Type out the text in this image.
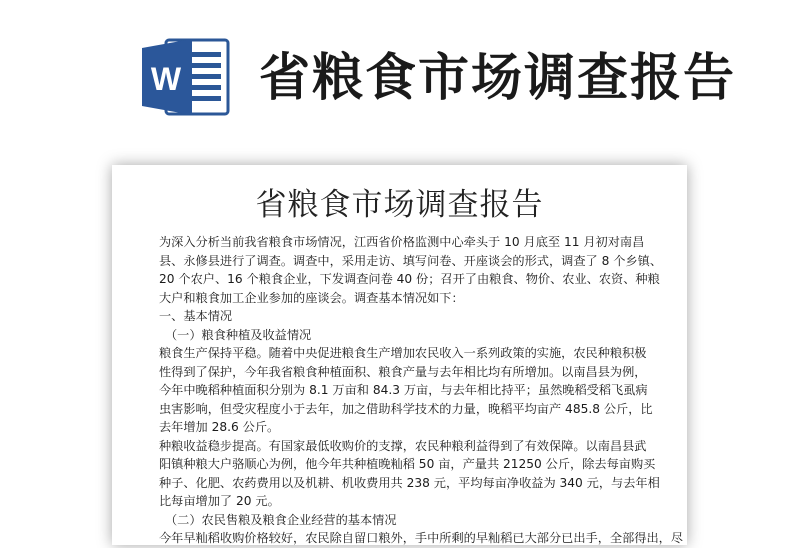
W 省粮食市场调查报告
省粮食市场调查报告

为深入分析当前我省粮食市场情况，江西省价格监测中心牵头于 10 月底至 11 月初对南昌

县、永修县进行了调查。调查中，采用走访、填写问卷、开座谈会的形式，调查了 8 个乡镇、

20 个农户、16 个粮食企业，下发调查问卷 40 份；召开了由粮食、物价、农业、农资、种粮

大户和粮食加工企业参加的座谈会。调查基本情况如下：

一、基本情况

（一）粮食种植及收益情况

粮食生产保持平稳。随着中央促进粮食生产增加农民收入一系列政策的实施，农民种粮积极

性得到了保护，今年我省粮食种植面积、粮食产量与去年相比均有所增加。以南昌县为例，

今年中晚稻种植面积分别为 8.1 万亩和 84.3 万亩，与去年相比持平；虽然晚稻受稻飞虱病

虫害影响，但受灾程度小于去年，加之借助科学技术的力量，晚稻平均亩产 485.8 公斤，比

去年增加 28.6 公斤。

种粮收益稳步提高。有国家最低收购价的支撑，农民种粮利益得到了有效保障。以南昌县武

阳镇种粮大户骆顺心为例，他今年共种植晚籼稻 50 亩，产量共 21250 公斤，除去每亩购买

种子、化肥、农药费用以及机耕、机收费用共 238 元，平均每亩净收益为 340 元，与去年相

比每亩增加了 20 元。

（二）农民售粮及粮食企业经营的基本情况

今年早籼稻收购价格较好，农民除自留口粮外，手中所剩的早籼稻已大部分已出手，全部得出，尽
